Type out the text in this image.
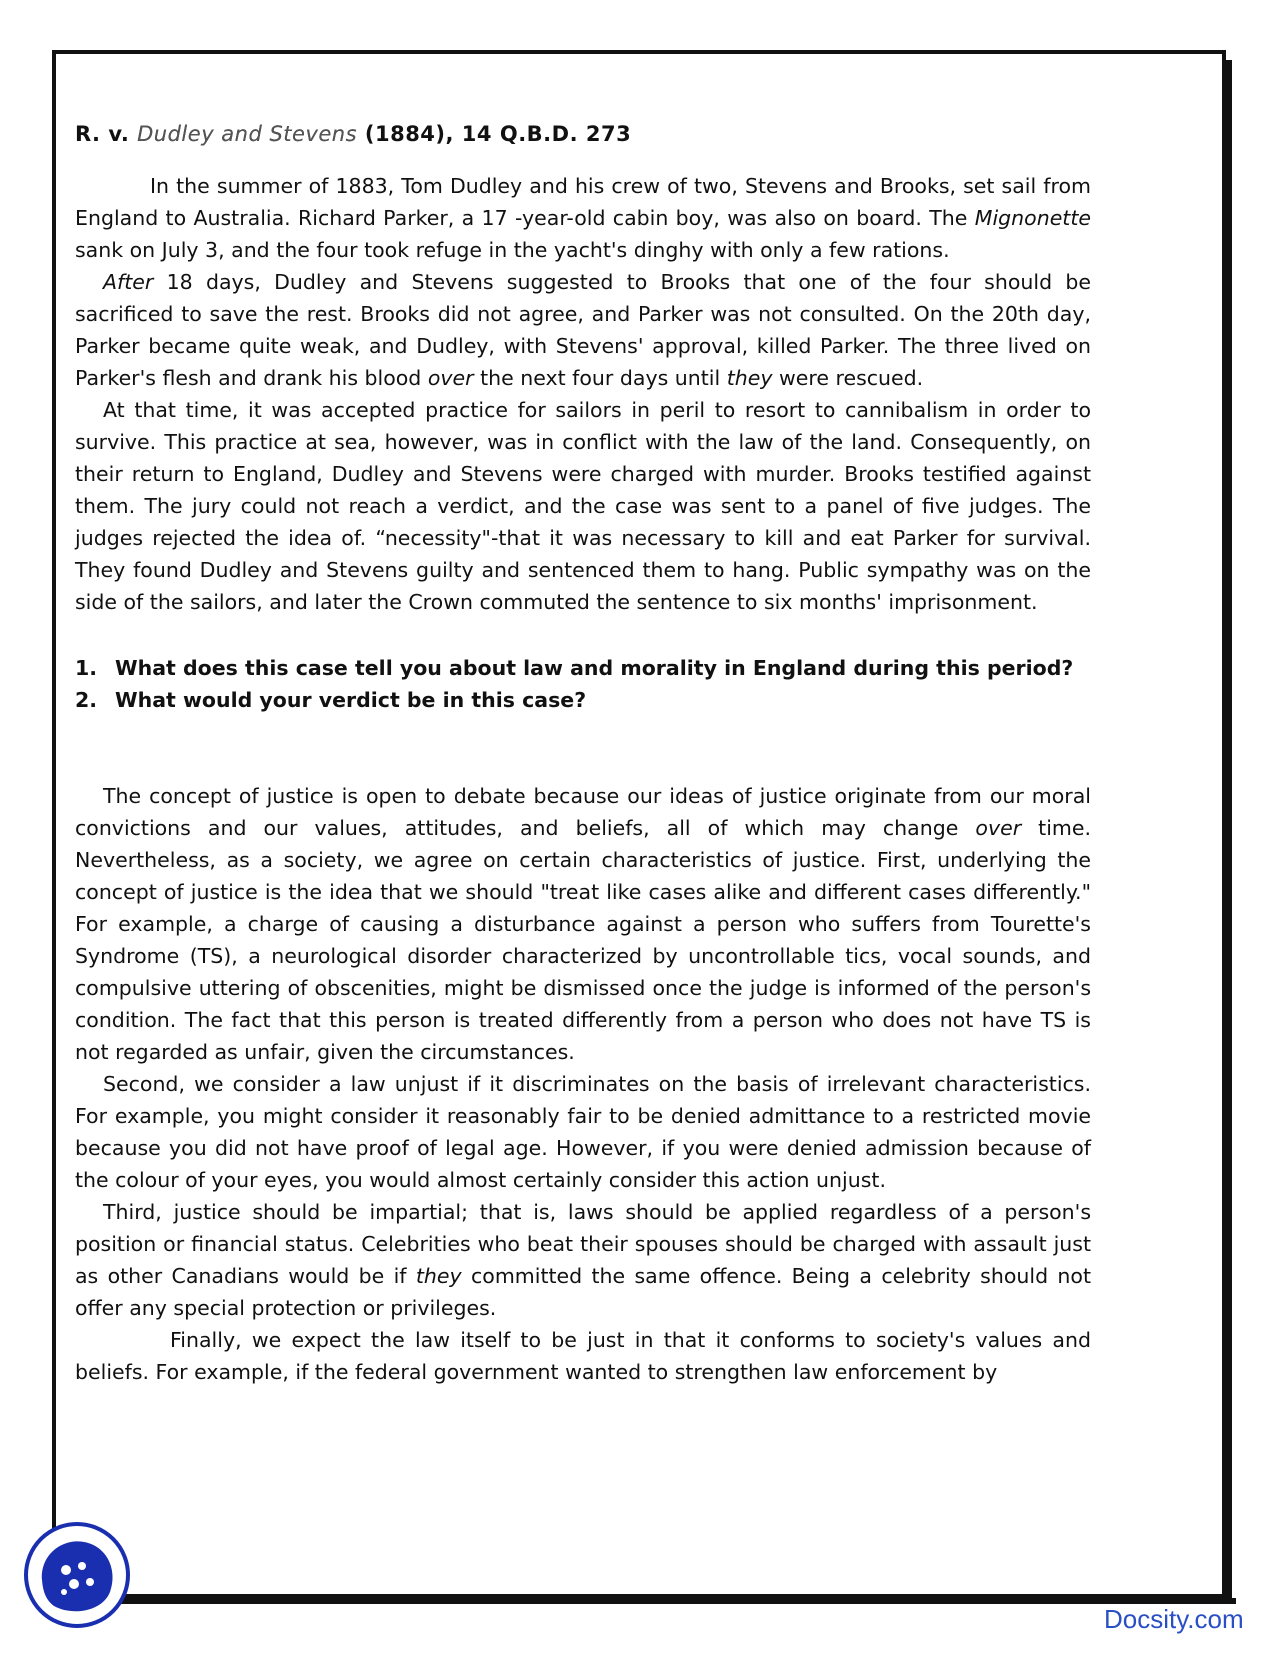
R. v. Dudley and Stevens (1884), 14 Q.B.D. 273

In the summer of 1883, Tom Dudley and his crew of two, Stevens and Brooks, set sail from England to Australia. Richard Parker, a 17 -year-old cabin boy, was also on board. The Mignonette sank on July 3, and the four took refuge in the yacht's dinghy with only a few rations.

After 18 days, Dudley and Stevens suggested to Brooks that one of the four should be sacrificed to save the rest. Brooks did not agree, and Parker was not consulted. On the 20th day, Parker became quite weak, and Dudley, with Stevens' approval, killed Parker. The three lived on Parker's flesh and drank his blood over the next four days until they were rescued.

At that time, it was accepted practice for sailors in peril to resort to cannibalism in order to survive. This practice at sea, however, was in conflict with the law of the land. Consequently, on their return to England, Dudley and Stevens were charged with murder. Brooks testified against them. The jury could not reach a verdict, and the case was sent to a panel of five judges. The judges rejected the idea of. “necessity"-that it was necessary to kill and eat Parker for survival. They found Dudley and Stevens guilty and sentenced them to hang. Public sympathy was on the side of the sailors, and later the Crown commuted the sentence to six months' imprisonment.

1. What does this case tell you about law and morality in England during this period?
2. What would your verdict be in this case?

The concept of justice is open to debate because our ideas of justice originate from our moral convictions and our values, attitudes, and beliefs, all of which may change over time. Nevertheless, as a society, we agree on certain characteristics of justice. First, underlying the concept of justice is the idea that we should "treat like cases alike and different cases differently." For example, a charge of causing a disturbance against a person who suffers from Tourette's Syndrome (TS), a neurological disorder characterized by uncontrollable tics, vocal sounds, and compulsive uttering of obscenities, might be dismissed once the judge is informed of the person's condition. The fact that this person is treated differently from a person who does not have TS is not regarded as unfair, given the circumstances.

Second, we consider a law unjust if it discriminates on the basis of irrelevant characteristics. For example, you might consider it reasonably fair to be denied admittance to a restricted movie because you did not have proof of legal age. However, if you were denied admission because of the colour of your eyes, you would almost certainly consider this action unjust.

Third, justice should be impartial; that is, laws should be applied regardless of a person's position or financial status. Celebrities who beat their spouses should be charged with assault just as other Canadians would be if they committed the same offence. Being a celebrity should not offer any special protection or privileges.

Finally, we expect the law itself to be just in that it conforms to society's values and beliefs. For example, if the federal government wanted to strengthen law enforcement by

Docsity.com
